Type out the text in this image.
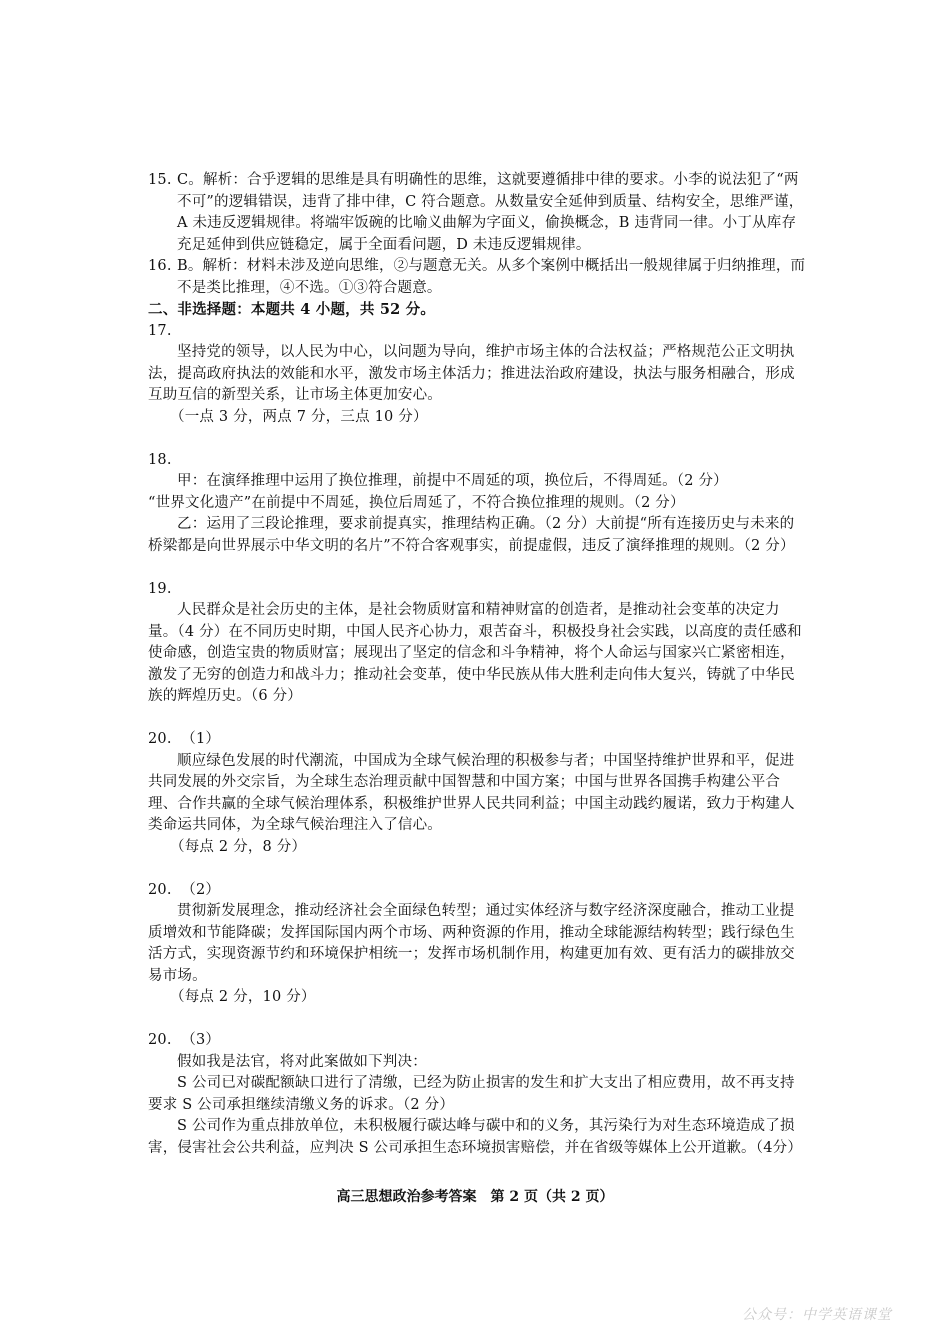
15. C。解析：合乎逻辑的思维是具有明确性的思维，这就要遵循排中律的要求。小李的说法犯了“两不可”的逻辑错误，违背了排中律，C 符合题意。从数量安全延伸到质量、结构安全，思维严谨，A 未违反逻辑规律。将端牢饭碗的比喻义曲解为字面义，偷换概念，B 违背同一律。小丁从库存充足延伸到供应链稳定，属于全面看问题，D 未违反逻辑规律。
16. B。解析：材料未涉及逆向思维，②与题意无关。从多个案例中概括出一般规律属于归纳推理，而不是类比推理，④不选。①③符合题意。
二、非选择题：本题共 4 小题，共 52 分。
17.
坚持党的领导，以人民为中心，以问题为导向，维护市场主体的合法权益；严格规范公正文明执法，提高政府执法的效能和水平，激发市场主体活力；推进法治政府建设，执法与服务相融合，形成互助互信的新型关系，让市场主体更加安心。
（一点 3 分，两点 7 分，三点 10 分）
18.
甲：在演绎推理中运用了换位推理，前提中不周延的项，换位后，不得周延。（2 分）
“世界文化遗产”在前提中不周延，换位后周延了，不符合换位推理的规则。（2 分）
乙：运用了三段论推理，要求前提真实，推理结构正确。（2 分）大前提“所有连接历史与未来的桥梁都是向世界展示中华文明的名片”不符合客观事实，前提虚假，违反了演绎推理的规则。（2 分）
19.
人民群众是社会历史的主体，是社会物质财富和精神财富的创造者，是推动社会变革的决定力量。（4 分）在不同历史时期，中国人民齐心协力，艰苦奋斗，积极投身社会实践，以高度的责任感和使命感，创造宝贵的物质财富；展现出了坚定的信念和斗争精神，将个人命运与国家兴亡紧密相连，激发了无穷的创造力和战斗力；推动社会变革，使中华民族从伟大胜利走向伟大复兴，铸就了中华民族的辉煌历史。（6 分）
20.  （1）
顺应绿色发展的时代潮流，中国成为全球气候治理的积极参与者；中国坚持维护世界和平，促进共同发展的外交宗旨，为全球生态治理贡献中国智慧和中国方案；中国与世界各国携手构建公平合理、合作共赢的全球气候治理体系，积极维护世界人民共同利益；中国主动践约履诺，致力于构建人类命运共同体，为全球气候治理注入了信心。
（每点 2 分，8 分）
20.  （2）
贯彻新发展理念，推动经济社会全面绿色转型；通过实体经济与数字经济深度融合，推动工业提质增效和节能降碳；发挥国际国内两个市场、两种资源的作用，推动全球能源结构转型；践行绿色生活方式，实现资源节约和环境保护相统一；发挥市场机制作用，构建更加有效、更有活力的碳排放交易市场。
（每点 2 分，10 分）
20.  （3）
假如我是法官，将对此案做如下判决：
S 公司已对碳配额缺口进行了清缴，已经为防止损害的发生和扩大支出了相应费用，故不再支持要求 S 公司承担继续清缴义务的诉求。（2 分）
S 公司作为重点排放单位，未积极履行碳达峰与碳中和的义务，其污染行为对生态环境造成了损害，侵害社会公共利益，应判决 S 公司承担生态环境损害赔偿，并在省级等媒体上公开道歉。（4分）
高三思想政治参考答案　第 2 页（共 2 页）
公众号：中学英语课堂
